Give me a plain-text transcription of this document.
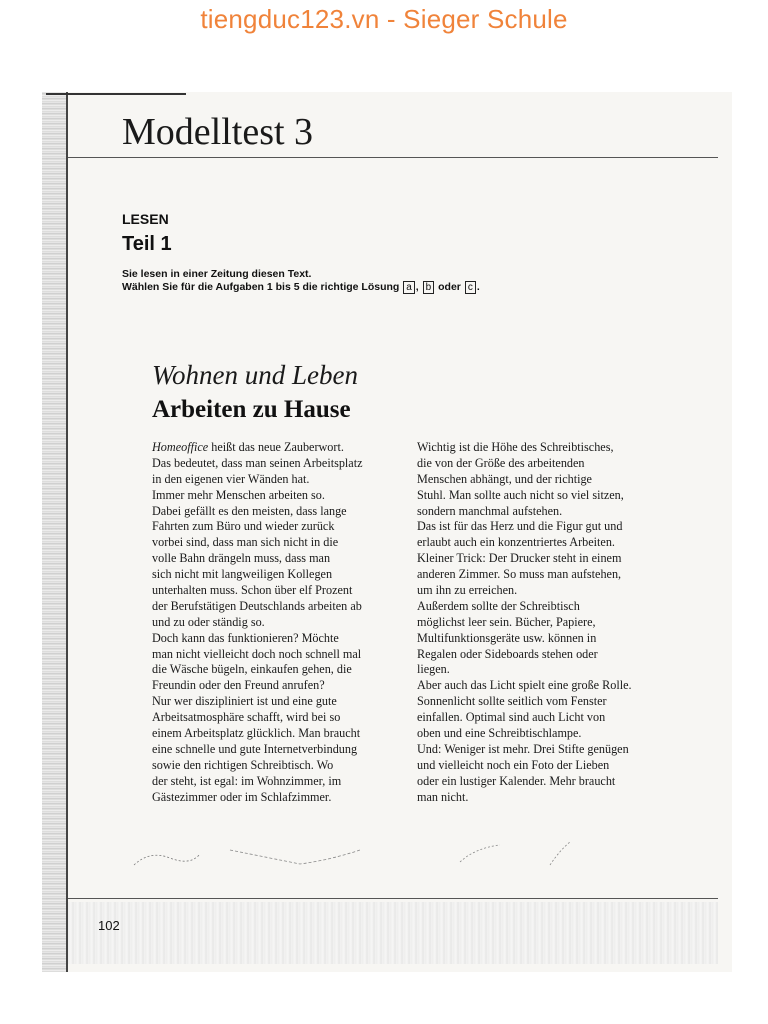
tiengduc123.vn - Sieger Schule
Modelltest 3
LESEN
Teil 1
Sie lesen in einer Zeitung diesen Text.
Wählen Sie für die Aufgaben 1 bis 5 die richtige Lösung a , b oder c .
Wohnen und Leben
Arbeiten zu Hause
Homeoffice heißt das neue Zauberwort.
Das bedeutet, dass man seinen Arbeitsplatz
in den eigenen vier Wänden hat.
Immer mehr Menschen arbeiten so.
Dabei gefällt es den meisten, dass lange
Fahrten zum Büro und wieder zurück
vorbei sind, dass man sich nicht in die
volle Bahn drängeln muss, dass man
sich nicht mit langweiligen Kollegen
unterhalten muss. Schon über elf Prozent
der Berufstätigen Deutschlands arbeiten ab
und zu oder ständig so.
Doch kann das funktionieren? Möchte
man nicht vielleicht doch noch schnell mal
die Wäsche bügeln, einkaufen gehen, die
Freundin oder den Freund anrufen?
Nur wer diszipliniert ist und eine gute
Arbeitsatmosphäre schafft, wird bei so
einem Arbeitsplatz glücklich. Man braucht
eine schnelle und gute Internetverbindung
sowie den richtigen Schreibtisch. Wo
der steht, ist egal: im Wohnzimmer, im
Gästezimmer oder im Schlafzimmer.
Wichtig ist die Höhe des Schreibtisches,
die von der Größe des arbeitenden
Menschen abhängt, und der richtige
Stuhl. Man sollte auch nicht so viel sitzen,
sondern manchmal aufstehen.
Das ist für das Herz und die Figur gut und
erlaubt auch ein konzentriertes Arbeiten.
Kleiner Trick: Der Drucker steht in einem
anderen Zimmer. So muss man aufstehen,
um ihn zu erreichen.
Außerdem sollte der Schreibtisch
möglichst leer sein. Bücher, Papiere,
Multifunktionsgeräte usw. können in
Regalen oder Sideboards stehen oder
liegen.
Aber auch das Licht spielt eine große Rolle.
Sonnenlicht sollte seitlich vom Fenster
einfallen. Optimal sind auch Licht von
oben und eine Schreibtischlampe.
Und: Weniger ist mehr. Drei Stifte genügen
und vielleicht noch ein Foto der Lieben
oder ein lustiger Kalender. Mehr braucht
man nicht.
102
